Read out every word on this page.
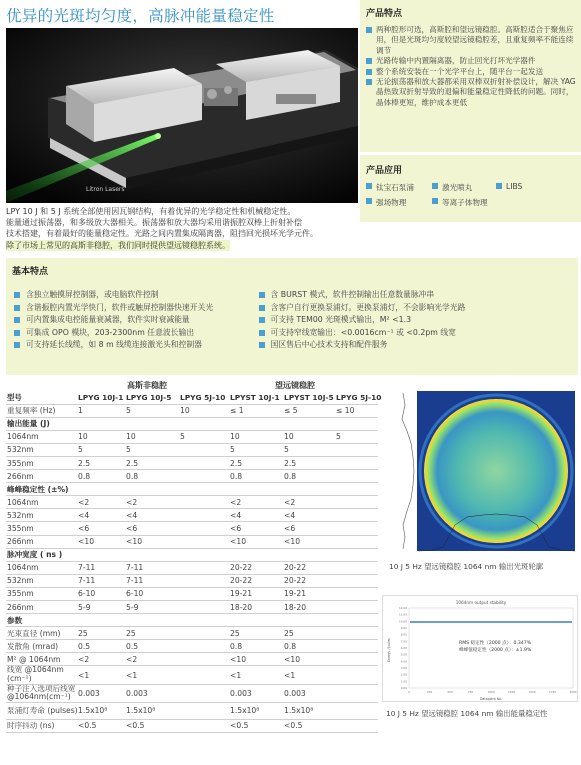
优异的光斑均匀度，高脉冲能量稳定性
Litron Lasers
LPY 10 J 和 5 J 系统全部使用因瓦钢结构，有着优异的光学稳定性和机械稳定性。
能量通过振荡器，和多级放大器相关。振荡器和放大器均采用谐振腔双棒上折射补偿
技术搭建，有着最好的能量稳定性。光路之间内置集成隔离器，阻挡回光损坏光学元件。
除了市场上常见的高斯非稳腔，我们同时提供望远镜稳腔系统。
产品特点
两种腔形可选，高斯腔和望远镜稳腔。高斯腔适合于聚焦应用，但是光斑均匀度较望远镜稳腔差，且重复频率不能连续调节
光路传输中内置隔离器，防止回光打坏光学器件
整个系统安装在一个光学平台上，随平台一起发送
无论振荡器和放大器都采用双棒双折射补偿设计，解决 YAG 晶热致双折射导致的退偏和能量稳定性降低的问题。同时，晶体棒更短，维护成本更低
产品应用
钛宝石泵浦	激光喷丸	LIBS
强场物理	等离子体物理
基本特点
含独立触摸屏控制器，或电脑软件控制
含谐振腔内置光学快门，软件或触屏控制器快速开关光
可内置集成电控能量衰减器，软件实时衰减能量
可集成 OPO 模块，203-2300nm 任意波长输出
可支持延长线缆，如 8 m 线缆连接激光头和控制器
含 BURST 模式，软件控制输出任意数量脉冲串
含客户自行更换泵浦灯。更换泵浦灯，不会影响光学光路
可支持 TEM00 光斑模式输出，M² <1.3
可支持窄线宽输出：<0.0016cm⁻¹ 或 <0.2pm 线宽
国区售后中心技术支持和配件服务
高斯非稳腔	望远镜稳腔
型号	LPYG 10J-1	LPYG 10J-5	LPYG 5J-10	LPYST 10J-1	LPYST 10J-5	LPYG 5J-10
重复频率 (Hz)	1	5	10	≤ 1	≤ 5	≤ 10
输出能量 (J)						
1064nm	10	10	5	10	10	5
532nm	5	5		5	5	
355nm	2.5	2.5		2.5	2.5	
266nm	0.8	0.8		0.8	0.8	
峰峰稳定性 (±%)						
1064nm	<2	<2		<2	<2	
532nm	<4	<4		<4	<4	
355nm	<6	<6		<6	<6	
266nm	<10	<10		<10	<10	
脉冲宽度 ( ns )						
1064nm	7-11	7-11		20-22	20-22	
532nm	7-11	7-11		20-22	20-22	
355nm	6-10	6-10		19-21	19-21	
266nm	5-9	5-9		18-20	18-20	
参数						
光束直径 (mm)	25	25		25	25	
发散角 (mrad)	0.5	0.5		0.8	0.8	
M² @ 1064nm	<2	<2		<10	<10	
线宽 @1064nm (cm⁻¹)	<1	<1		<1	<1	
种子注入选项后线宽@1064nm(cm⁻¹)	0.003	0.003		0.003	0.003	
泵浦灯寿命 (pulses)	1.5x10⁸	1.5x10⁸		1.5x10⁸	1.5x10⁸	
时序抖动 (ns)	<0.5	<0.5		<0.5	<0.5	
10 J 5 Hz 望远镜稳腔 1064 nm 输出光斑轮廓
1064nm output stability
12.00
11.00
10.00
9.00
8.00
7.00
6.00
5.00
4.00
3.00
2.00
1.00
0.00
0	250	500	750	1000	1250	1500	1750	2000
Energy / Joules
Datapoint No.
RMS 稳定性（2000 点）：0.347%
峰峰值稳定性（2000 点）：±1.9%
10 J 5 Hz 望远镜稳腔 1064 nm 输出能量稳定性
